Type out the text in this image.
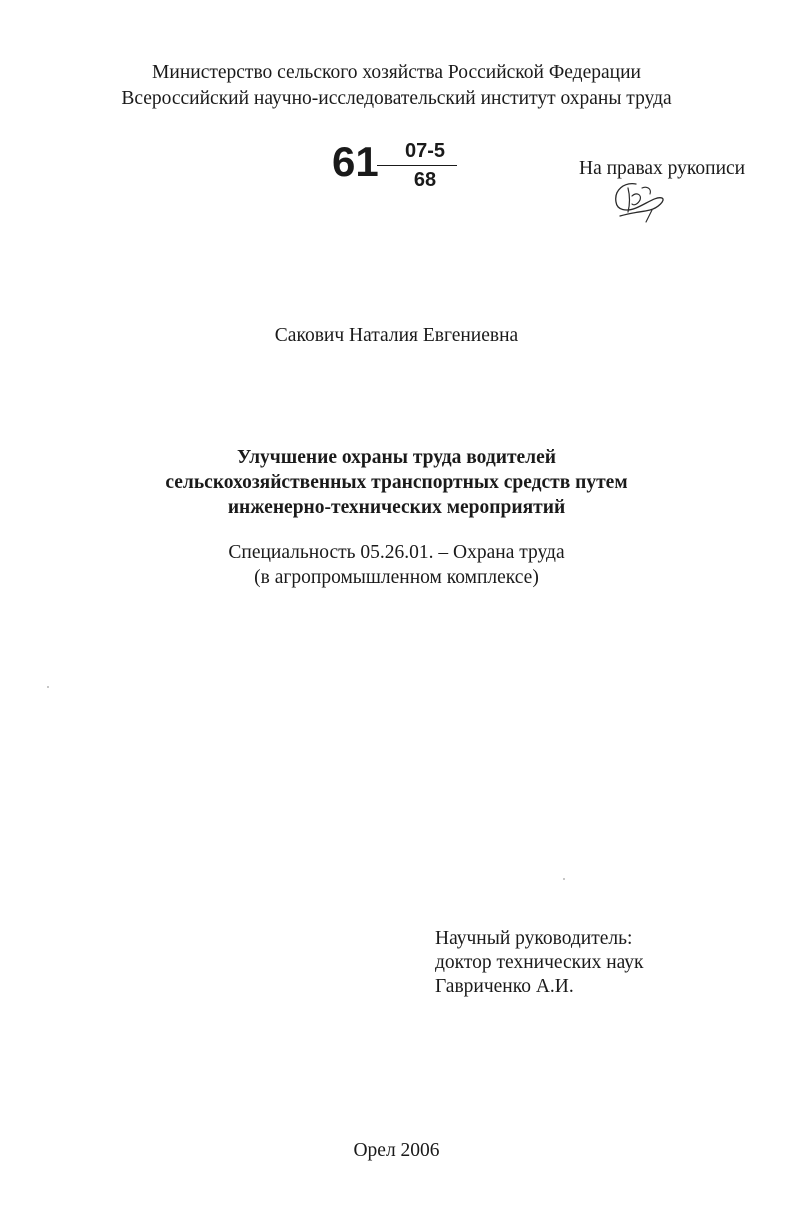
Министерство сельского хозяйства Российской Федерации
Всероссийский научно-исследовательский институт охраны труда
61	07-5
68
На правах рукописи
Сакович Наталия Евгениевна
Улучшение охраны труда водителей
сельскохозяйственных транспортных средств путем
инженерно-технических мероприятий
Специальность 05.26.01. – Охрана труда
(в агропромышленном комплексе)
Научный руководитель:
доктор технических наук
Гавриченко А.И.
Орел 2006
